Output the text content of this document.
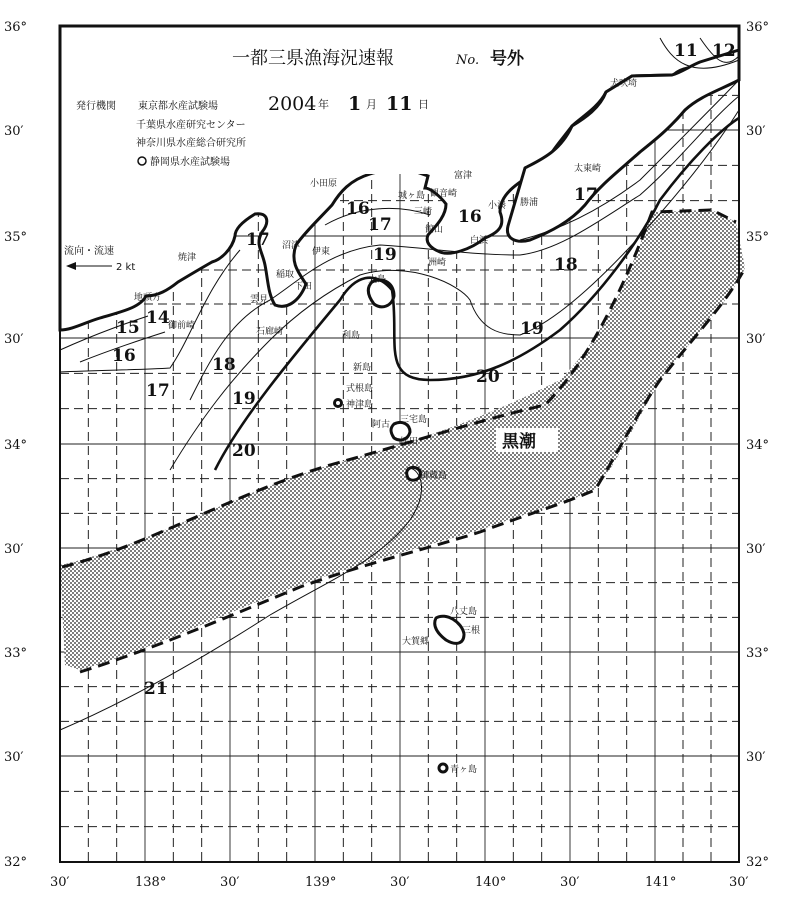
11 12
15 14
16
16	16
17
17
17
17
18
18
19
19
19
20
20
21
黒潮
犬吠埼
太東崎
勝浦
小湊
富津
小田原
城ヶ島 観音崎
三崎
館山
白浜
洲崎
沼津
伊東
稲取
下田
雲見
石廊崎
焼津
御前崎
地頭方
大島
利島
新島
式根島
神津島
三宅島
阿古
坪田
御蔵島
八丈島
三根
大賀郷
青ヶ島
36°
30′
35°
30′
34°
30′
33°
30′
32°
36°
30′
35°
30′
34°
30′
33°
30′
32°
30′	138°	30′	139°	30′	140°	30′	141°	30′
一都三県漁海況速報	No. 号外
発行機関 東京都水産試験場
千葉県水産研究センター
神奈川県水産総合研究所
静岡県水産試験場
2004 年 1 月 11 日
流向・流速
2 kt
